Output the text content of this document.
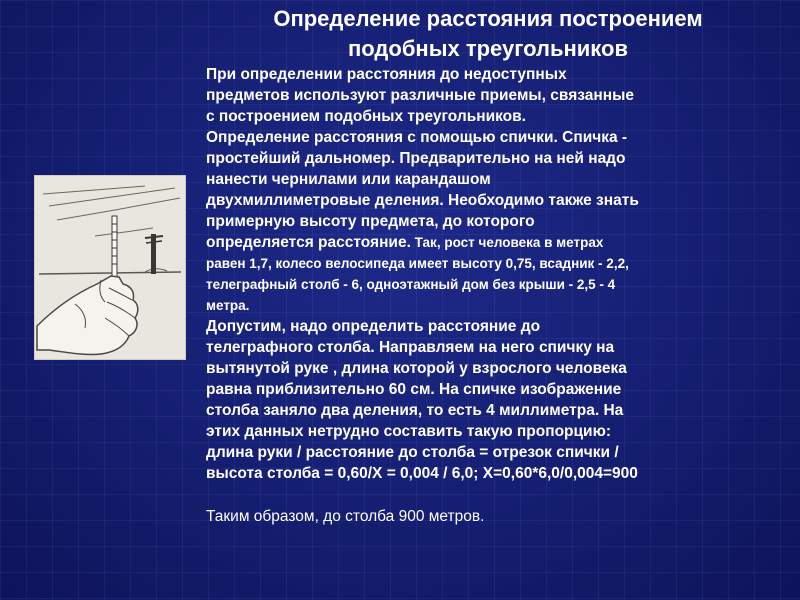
Определение расстояния построением
подобных треугольников
При определении расстояния до недоступных
предметов используют различные приемы, связанные
с построением подобных треугольников.
Определение расстояния с помощью спички. Спичка -
простейший дальномер. Предварительно на ней надо
нанести чернилами или карандашом
двухмиллиметровые деления. Необходимо также знать
примерную высоту предмета, до которого
определяется расстояние. Так, рост человека в метрах
равен 1,7, колесо велосипеда имеет высоту 0,75, всадник - 2,2,
телеграфный столб - 6, одноэтажный дом без крыши - 2,5 - 4
метра.
Допустим, надо определить расстояние до
телеграфного столба. Направляем на него спичку на
вытянутой руке , длина которой у взрослого человека
равна приблизительно 60 см. На спичке изображение
столба заняло два деления, то есть 4 миллиметра. На
этих данных нетрудно составить такую пропорцию:
длина руки / расстояние до столба = отрезок спички /
высота столба = 0,60/Х = 0,004 / 6,0; Х=0,60*6,0/0,004=900
Таким образом, до столба 900 метров.
